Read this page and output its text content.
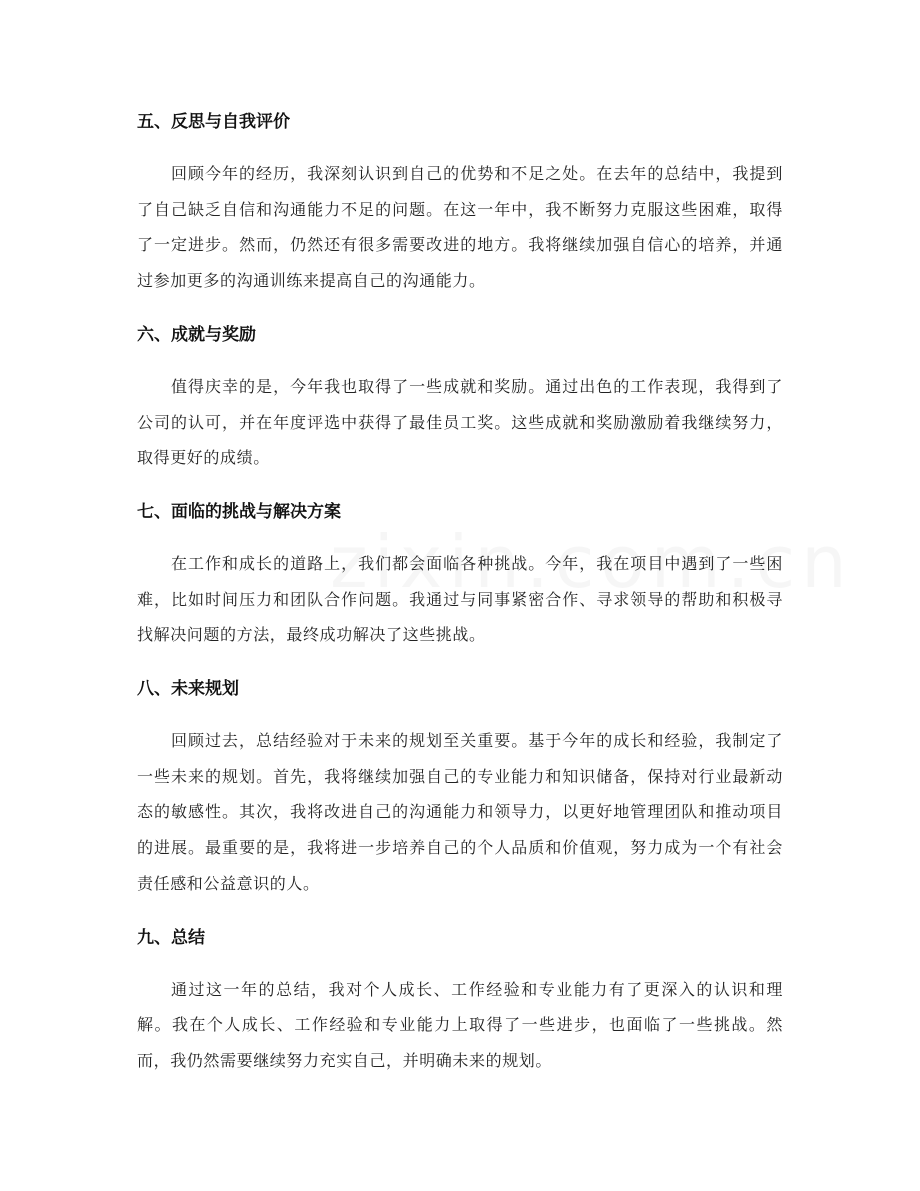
五、反思与自我评价

回顾今年的经历，我深刻认识到自己的优势和不足之处。在去年的总结中，我提到了自己缺乏自信和沟通能力不足的问题。在这一年中，我不断努力克服这些困难，取得了一定进步。然而，仍然还有很多需要改进的地方。我将继续加强自信心的培养，并通过参加更多的沟通训练来提高自己的沟通能力。

六、成就与奖励

值得庆幸的是，今年我也取得了一些成就和奖励。通过出色的工作表现，我得到了公司的认可，并在年度评选中获得了最佳员工奖。这些成就和奖励激励着我继续努力，取得更好的成绩。

七、面临的挑战与解决方案

在工作和成长的道路上，我们都会面临各种挑战。今年，我在项目中遇到了一些困难，比如时间压力和团队合作问题。我通过与同事紧密合作、寻求领导的帮助和积极寻找解决问题的方法，最终成功解决了这些挑战。

八、未来规划

回顾过去，总结经验对于未来的规划至关重要。基于今年的成长和经验，我制定了一些未来的规划。首先，我将继续加强自己的专业能力和知识储备，保持对行业最新动态的敏感性。其次，我将改进自己的沟通能力和领导力，以更好地管理团队和推动项目的进展。最重要的是，我将进一步培养自己的个人品质和价值观，努力成为一个有社会责任感和公益意识的人。

九、总结

通过这一年的总结，我对个人成长、工作经验和专业能力有了更深入的认识和理解。我在个人成长、工作经验和专业能力上取得了一些进步，也面临了一些挑战。然而，我仍然需要继续努力充实自己，并明确未来的规划。
